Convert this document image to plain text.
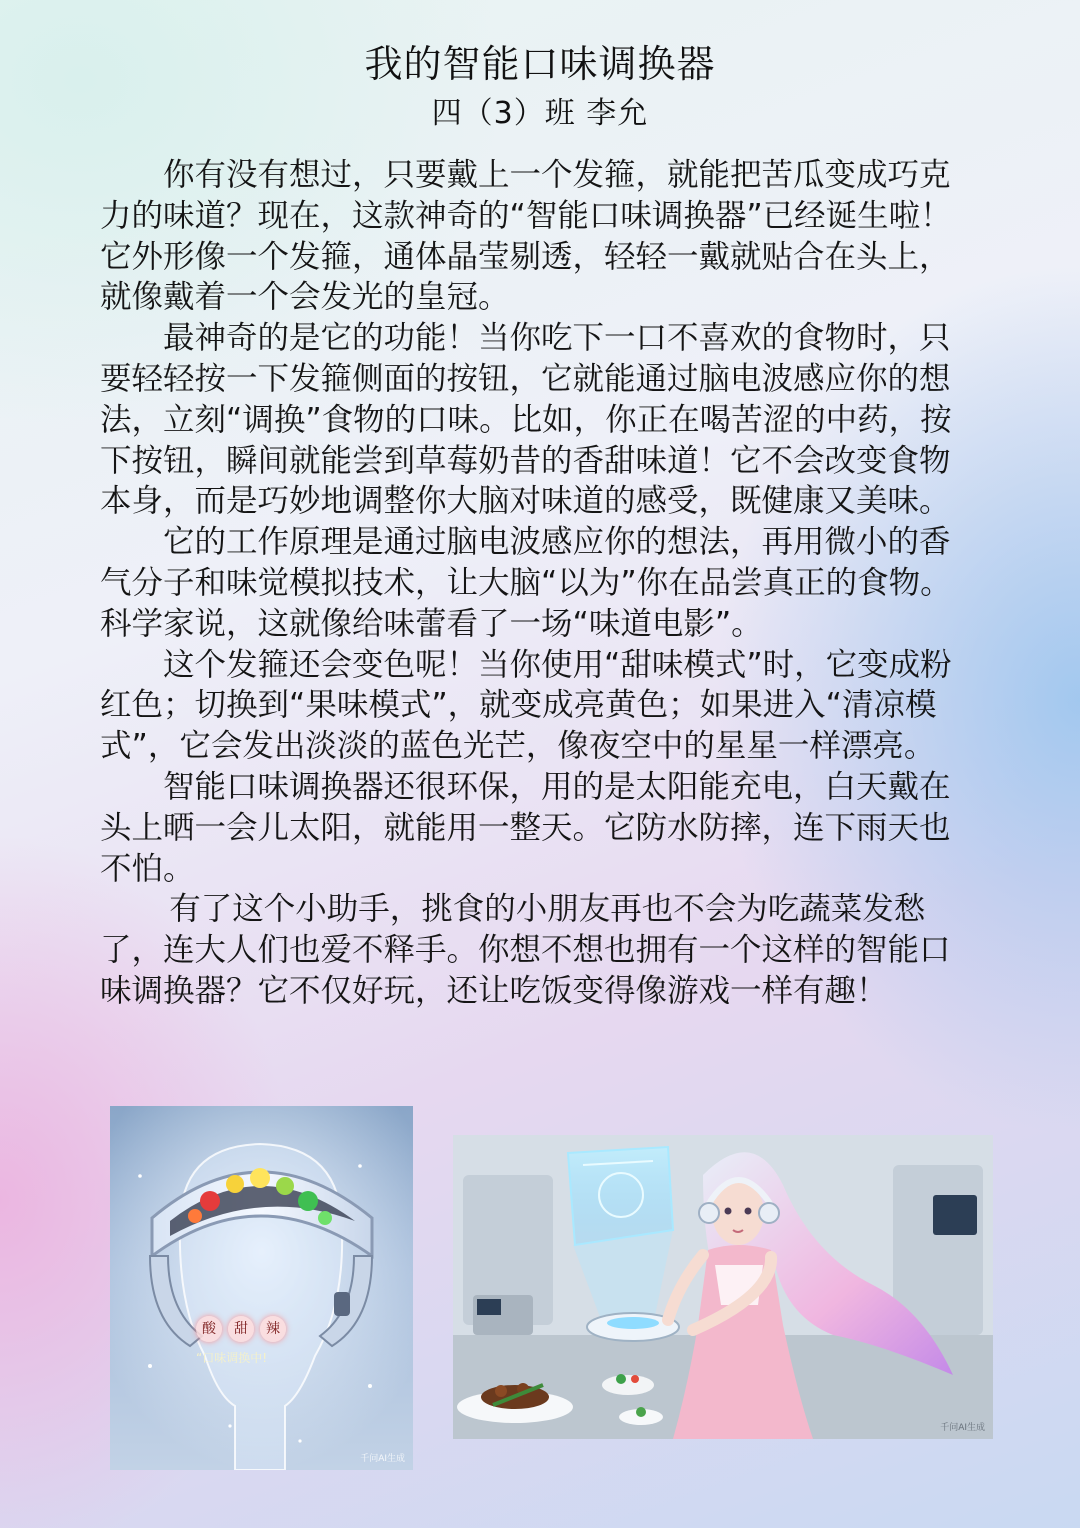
我的智能口味调换器
四（3）班 李允

你有没有想过，只要戴上一个发箍，就能把苦瓜变成巧克力的味道？现在，这款神奇的“智能口味调换器”已经诞生啦！它外形像一个发箍，通体晶莹剔透，轻轻一戴就贴合在头上，就像戴着一个会发光的皇冠。

最神奇的是它的功能！当你吃下一口不喜欢的食物时，只要轻轻按一下发箍侧面的按钮，它就能通过脑电波感应你的想法，立刻“调换”食物的口味。比如，你正在喝苦涩的中药，按下按钮，瞬间就能尝到草莓奶昔的香甜味道！它不会改变食物本身，而是巧妙地调整你大脑对味道的感受，既健康又美味。

它的工作原理是通过脑电波感应你的想法，再用微小的香气分子和味觉模拟技术，让大脑“以为”你在品尝真正的食物。科学家说，这就像给味蕾看了一场“味道电影”。

这个发箍还会变色呢！当你使用“甜味模式”时，它变成粉红色；切换到“果味模式”，就变成亮黄色；如果进入“清凉模式”，它会发出淡淡的蓝色光芒，像夜空中的星星一样漂亮。

智能口味调换器还很环保，用的是太阳能充电，白天戴在头上晒一会儿太阳，就能用一整天。它防水防摔，连下雨天也不怕。

有了这个小助手，挑食的小朋友再也不会为吃蔬菜发愁了，连大人们也爱不释手。你想不想也拥有一个这样的智能口味调换器？它不仅好玩，还让吃饭变得像游戏一样有趣！

千问AI生成
酸	甜	辣
“口味调换中!
千问AI生成
